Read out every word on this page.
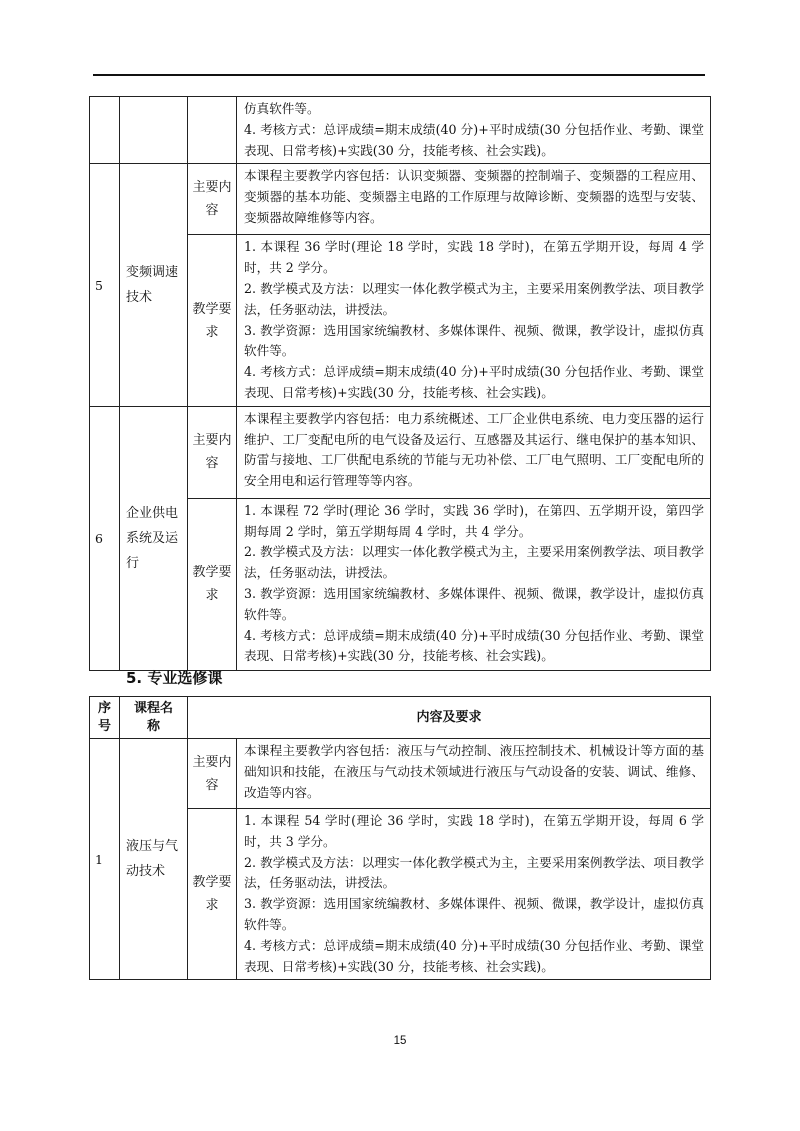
			仿真软件等。

4. 考核方式：总评成绩=期末成绩(40 分)+平时成绩(30 分包括作业、考勤、课堂表现、日常考核)+实践(30 分，技能考核、社会实践)。

5	变频调速技术	主要内容	本课程主要教学内容包括：认识变频器、变频器的控制端子、变频器的工程应用、变频器的基本功能、变频器主电路的工作原理与故障诊断、变频器的选型与安装、变频器故障维修等内容。

		教学要求	1. 本课程 36 学时(理论 18 学时，实践 18 学时)，在第五学期开设，每周 4 学时，共 2 学分。

2. 教学模式及方法：以理实一体化教学模式为主，主要采用案例教学法、项目教学法，任务驱动法，讲授法。

3. 教学资源：选用国家统编教材、多媒体课件、视频、微课，教学设计，虚拟仿真软件等。

4. 考核方式：总评成绩=期末成绩(40 分)+平时成绩(30 分包括作业、考勤、课堂表现、日常考核)+实践(30 分，技能考核、社会实践)。

6	企业供电系统及运行	主要内容	本课程主要教学内容包括：电力系统概述、工厂企业供电系统、电力变压器的运行维护、工厂变配电所的电气设备及运行、互感器及其运行、继电保护的基本知识、防雷与接地、工厂供配电系统的节能与无功补偿、工厂电气照明、工厂变配电所的安全用电和运行管理等等内容。

		教学要求	1. 本课程 72 学时(理论 36 学时，实践 36 学时)，在第四、五学期开设，第四学期每周 2 学时，第五学期每周 4 学时，共 4 学分。

2. 教学模式及方法：以理实一体化教学模式为主，主要采用案例教学法、项目教学法，任务驱动法，讲授法。

3. 教学资源：选用国家统编教材、多媒体课件、视频、微课，教学设计，虚拟仿真软件等。

4. 考核方式：总评成绩=期末成绩(40 分)+平时成绩(30 分包括作业、考勤、课堂表现、日常考核)+实践(30 分，技能考核、社会实践)。

5. 专业选修课
序号	课程名称	内容及要求	
1	液压与气动技术	主要内容	本课程主要教学内容包括：液压与气动控制、液压控制技术、机械设计等方面的基础知识和技能，在液压与气动技术领域进行液压与气动设备的安装、调试、维修、改造等内容。

		教学要求	1. 本课程 54 学时(理论 36 学时，实践 18 学时)，在第五学期开设，每周 6 学时，共 3 学分。

2. 教学模式及方法：以理实一体化教学模式为主，主要采用案例教学法、项目教学法，任务驱动法，讲授法。

3. 教学资源：选用国家统编教材、多媒体课件、视频、微课，教学设计，虚拟仿真软件等。

4. 考核方式：总评成绩=期末成绩(40 分)+平时成绩(30 分包括作业、考勤、课堂表现、日常考核)+实践(30 分，技能考核、社会实践)。

15
